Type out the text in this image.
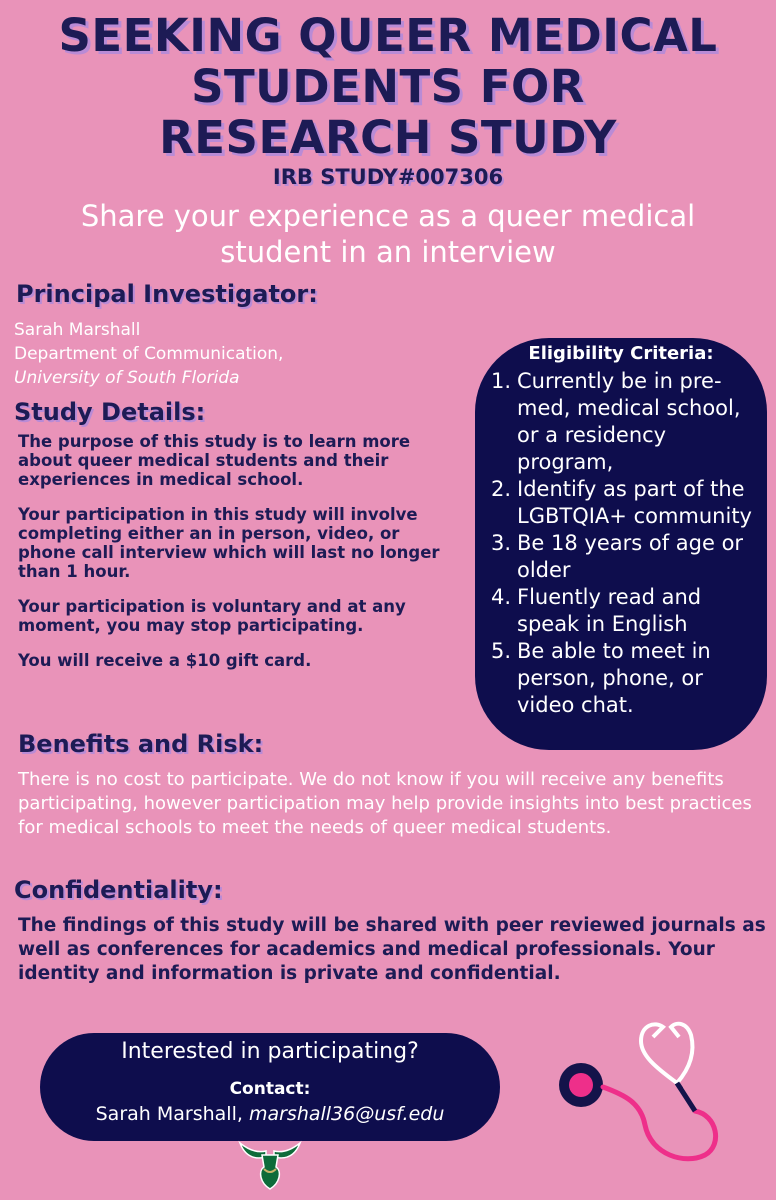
SEEKING QUEER MEDICAL
STUDENTS FOR
RESEARCH STUDY
IRB STUDY#007306
Share your experience as a queer medical
student in an interview
Principal Investigator:
Sarah Marshall
Department of Communication,
University of South Florida
Study Details:

The purpose of this study is to learn more about queer medical students and their experiences in medical school.

Your participation in this study will involve completing either an in person, video, or phone call interview which will last no longer than 1 hour.

Your participation is voluntary and at any moment, you may stop participating.

You will receive a $10 gift card.

Eligibility Criteria:
1. Currently be in pre-med, medical school, or a residency program,
2. Identify as part of the LGBTQIA+ community
3. Be 18 years of age or older
4. Fluently read and speak in English
5. Be able to meet in person, phone, or video chat.
Benefits and Risk:
There is no cost to participate. We do not know if you will receive any benefits participating, however participation may help provide insights into best practices for medical schools to meet the needs of queer medical students.
Confidentiality:
The findings of this study will be shared with peer reviewed journals as well as conferences for academics and medical professionals. Your identity and information is private and confidential.
Interested in participating?
Contact:
Sarah Marshall, marshall36@usf.edu
